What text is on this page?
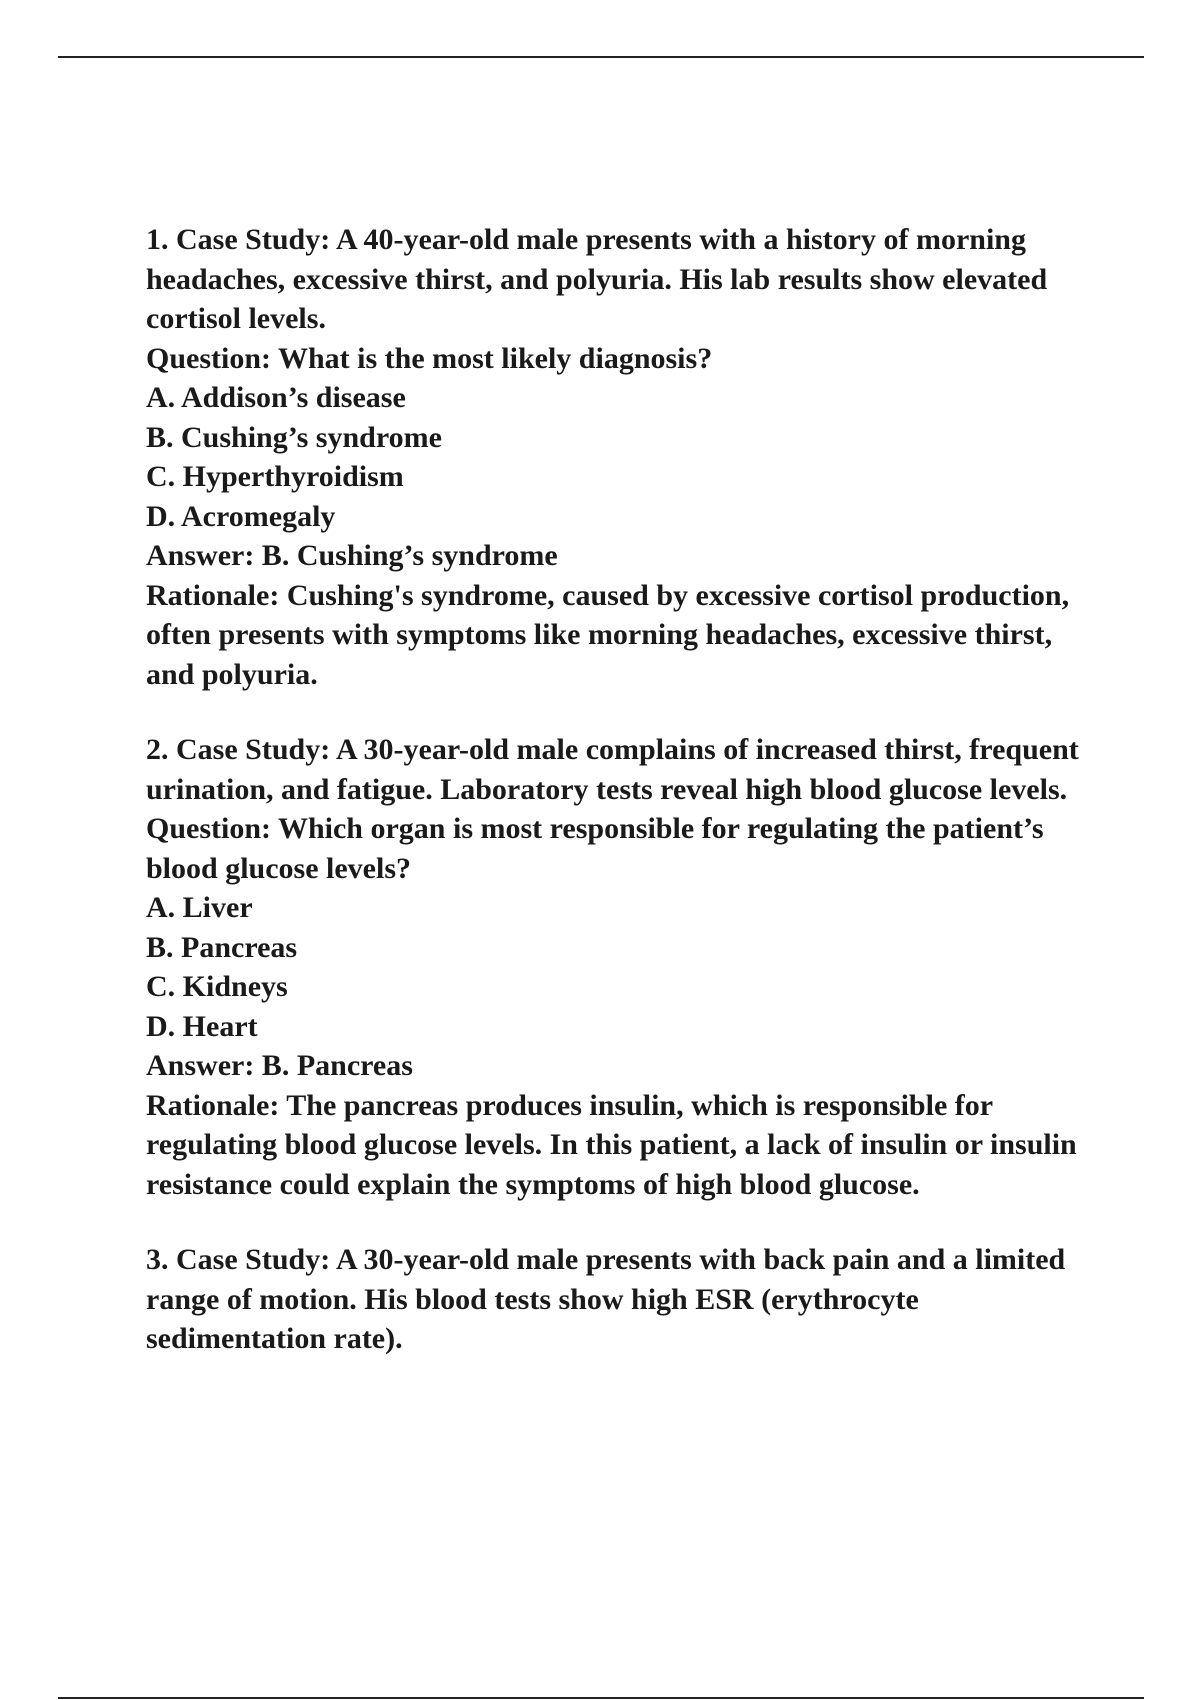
1. Case Study: A 40-year-old male presents with a history of morning headaches, excessive thirst, and polyuria. His lab results show elevated cortisol levels.
Question: What is the most likely diagnosis?
A. Addison’s disease
B. Cushing’s syndrome
C. Hyperthyroidism
D. Acromegaly
Answer: B. Cushing’s syndrome
Rationale: Cushing's syndrome, caused by excessive cortisol production, often presents with symptoms like morning headaches, excessive thirst, and polyuria.
2. Case Study: A 30-year-old male complains of increased thirst, frequent urination, and fatigue. Laboratory tests reveal high blood glucose levels.
Question: Which organ is most responsible for regulating the patient’s blood glucose levels?
A. Liver
B. Pancreas
C. Kidneys
D. Heart
Answer: B. Pancreas
Rationale: The pancreas produces insulin, which is responsible for regulating blood glucose levels. In this patient, a lack of insulin or insulin resistance could explain the symptoms of high blood glucose.
3. Case Study: A 30-year-old male presents with back pain and a limited range of motion. His blood tests show high ESR (erythrocyte sedimentation rate).
